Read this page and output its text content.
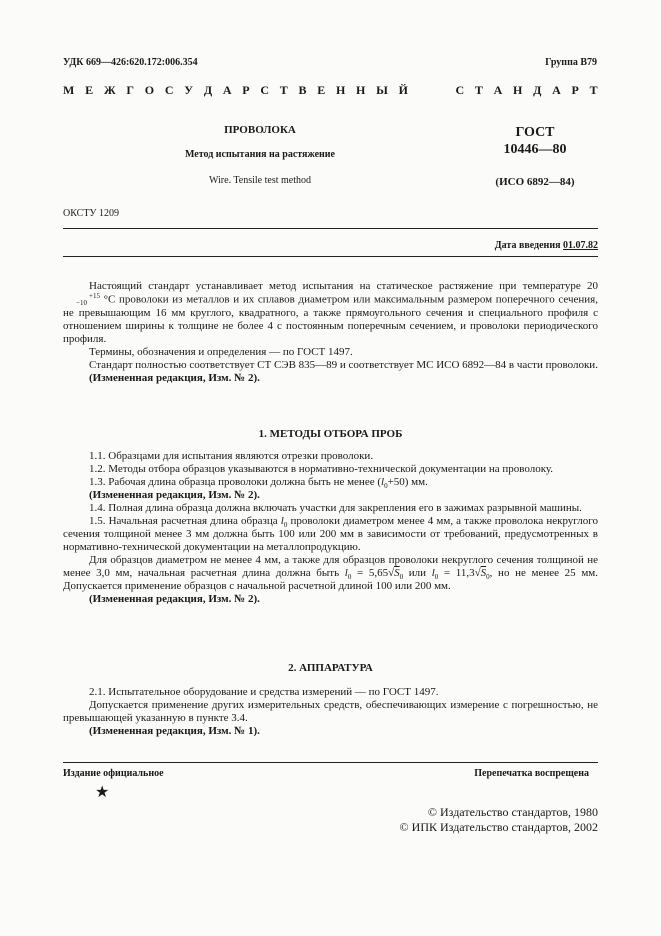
УДК 669—426:620.172:006.354	Группа В79
М Е Ж Г О С У Д А Р С Т В Е Н Н Ы Й	С Т А Н Д А Р Т
ПРОВОЛОКА
Метод испытания на растяжение
Wire. Tensile test method
ГОСТ
10446—80
(ИСО 6892—84)
ОКСТУ 1209
Дата введения 01.07.82

Настоящий стандарт устанавливает метод испытания на статическое растяжение при температуре 20+15
−10 °С проволоки из металлов и их сплавов диаметром или максимальным размером поперечного сечения, не превышающим 16 мм круглого, квадратного, а также прямоугольного сечения и специального профиля с отношением ширины к толщине не более 4 с постоянным поперечным сечением, и проволоки периодического профиля.

Термины, обозначения и определения — по ГОСТ 1497.

Стандарт полностью соответствует СТ СЭВ 835—89 и соответствует МС ИСО 6892—84 в части проволоки.

(Измененная редакция, Изм. № 2).

1. МЕТОДЫ ОТБОРА ПРОБ

1.1. Образцами для испытания являются отрезки проволоки.

1.2. Методы отбора образцов указываются в нормативно-технической документации на проволоку.

1.3. Рабочая длина образца проволоки должна быть не менее $(l_0+50)$ мм.

(Измененная редакция, Изм. № 2).

1.4. Полная длина образца должна включать участки для закрепления его в зажимах разрывной машины.

1.5. Начальная расчетная длина образца $l_0$ проволоки диаметром менее 4 мм, а также проволока некруглого сечения толщиной менее 3 мм должна быть 100 или 200 мм в зависимости от требований, предусмотренных в нормативно-технической документации на металлопродукцию.

Для образцов диаметром не менее 4 мм, а также для образцов проволоки некруглого сечения толщиной не менее 3,0 мм, начальная расчетная длина должна быть $l_0 = 5,65√S_0$ или $l_0 = 11,3√S_0$, но не менее 25 мм. Допускается применение образцов с начальной расчетной длиной 100 или 200 мм.

(Измененная редакция, Изм. № 2).

2. АППАРАТУРА

2.1. Испытательное оборудование и средства измерений — по ГОСТ 1497.

Допускается применение других измерительных средств, обеспечивающих измерение с погрешностью, не превышающей указанную в пункте 3.4.

(Измененная редакция, Изм. № 1).

Издание официальное	Перепечатка воспрещена
★
© Издательство стандартов, 1980
© ИПК Издательство стандартов, 2002
